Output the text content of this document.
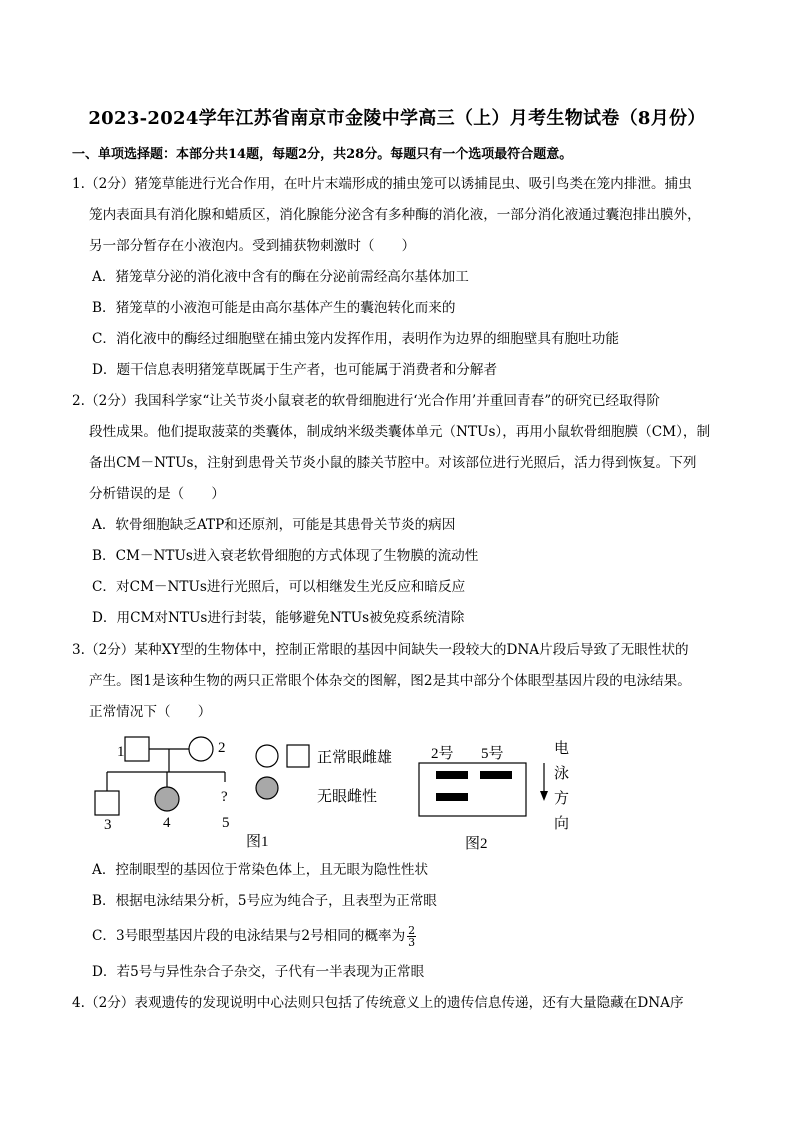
2023-2024学年江苏省南京市金陵中学高三（上）月考生物试卷（8月份）
一、单项选择题：本部分共14题，每题2分，共28分。每题只有一个选项最符合题意。
1.（2分）猪笼草能进行光合作用，在叶片末端形成的捕虫笼可以诱捕昆虫、吸引鸟类在笼内排泄。捕虫
笼内表面具有消化腺和蜡质区，消化腺能分泌含有多种酶的消化液，一部分消化液通过囊泡排出膜外，
另一部分暂存在小液泡内。受到捕获物刺激时（　　）
A．猪笼草分泌的消化液中含有的酶在分泌前需经高尔基体加工
B．猪笼草的小液泡可能是由高尔基体产生的囊泡转化而来的
C．消化液中的酶经过细胞壁在捕虫笼内发挥作用，表明作为边界的细胞壁具有胞吐功能
D．题干信息表明猪笼草既属于生产者，也可能属于消费者和分解者
2.（2分）我国科学家“让关节炎小鼠衰老的软骨细胞进行‘光合作用’并重回青春”的研究已经取得阶
段性成果。他们提取菠菜的类囊体，制成纳米级类囊体单元（NTUs），再用小鼠软骨细胞膜（CM），制
备出CM－NTUs，注射到患骨关节炎小鼠的膝关节腔中。对该部位进行光照后，活力得到恢复。下列
分析错误的是（　　）
A．软骨细胞缺乏ATP和还原剂，可能是其患骨关节炎的病因
B．CM－NTUs进入衰老软骨细胞的方式体现了生物膜的流动性
C．对CM－NTUs进行光照后，可以相继发生光反应和暗反应
D．用CM对NTUs进行封装，能够避免NTUs被免疫系统清除
3.（2分）某种XY型的生物体中，控制正常眼的基因中间缺失一段较大的DNA片段后导致了无眼性状的
产生。图1是该种生物的两只正常眼个体杂交的图解，图2是其中部分个体眼型基因片段的电泳结果。
正常情况下（　　）
1	2
3	4
?
5
正常眼雌雄
无眼雌性
图1
2号 5号
图2
电
泳
方
向
A．控制眼型的基因位于常染色体上，且无眼为隐性性状
B．根据电泳结果分析，5号应为纯合子，且表型为正常眼
C．3号眼型基因片段的电泳结果与2号相同的概率为 $\frac{2}{3}$
D．若5号与异性杂合子杂交，子代有一半表现为正常眼
4.（2分）表观遗传的发现说明中心法则只包括了传统意义上的遗传信息传递，还有大量隐藏在DNA序
